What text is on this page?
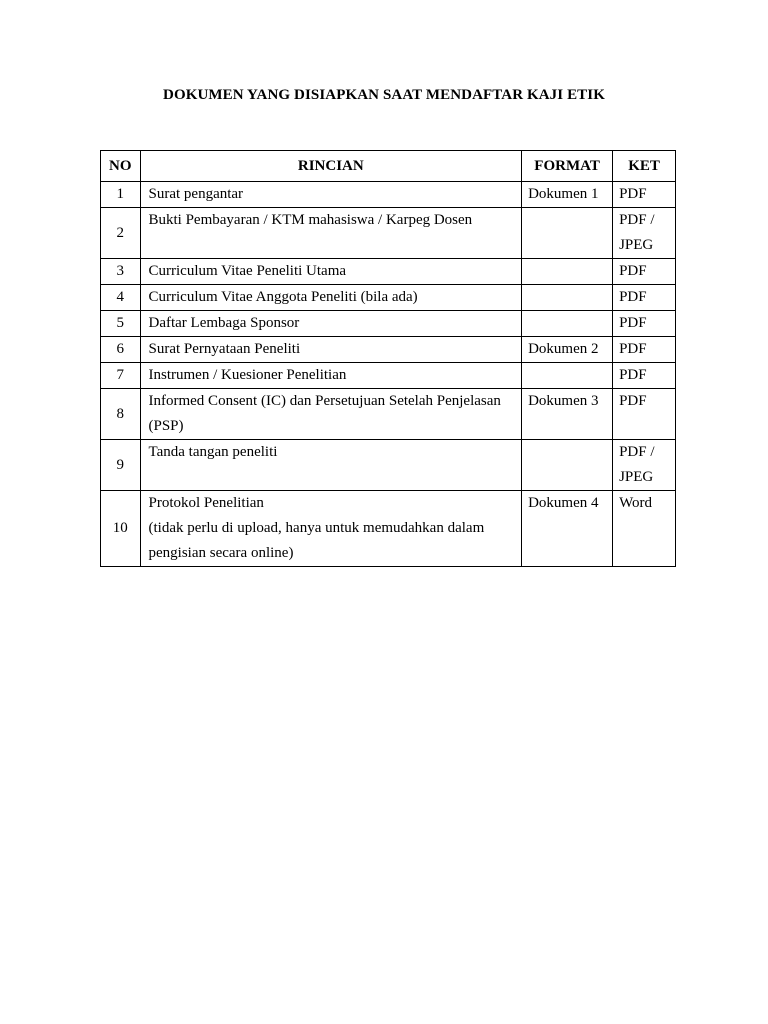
DOKUMEN YANG DISIAPKAN SAAT MENDAFTAR KAJI ETIK
NO	RINCIAN	FORMAT	KET
1	Surat pengantar	Dokumen 1	PDF

2	Bukti Pembayaran / KTM mahasiswa / Karpeg Dosen		PDF /
JPEG

3	Curriculum Vitae Peneliti Utama		PDF

4	Curriculum Vitae Anggota Peneliti (bila ada)		PDF

5	Daftar Lembaga Sponsor		PDF

6	Surat Pernyataan Peneliti	Dokumen 2	PDF

7	Instrumen / Kuesioner Penelitian		PDF

8	Informed Consent (IC) dan Persetujuan Setelah Penjelasan
(PSP)	Dokumen 3	PDF

9	Tanda tangan peneliti		PDF /
JPEG

10	Protokol Penelitian
(tidak perlu di upload, hanya untuk memudahkan dalam
pengisian secara online)	Dokumen 4	Word
